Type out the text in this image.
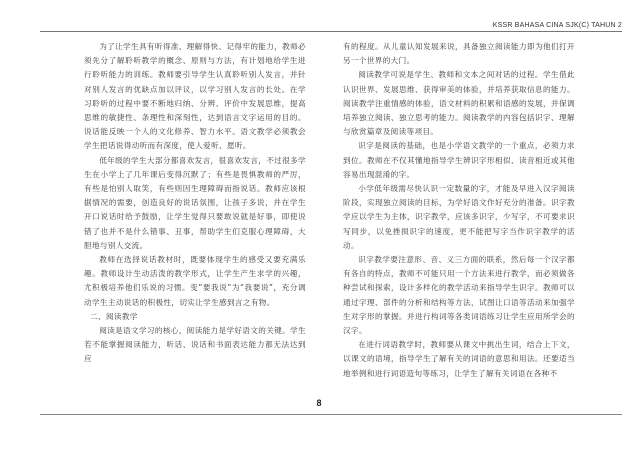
KSSR BAHASA CINA SJK(C) TAHUN 2

为了让学生具有听得准、理解得快、记得牢的能力，教师必须先分了解聆听教学的概念、原则与方法，有计划地给学生进行聆听能力的训练。教师要引导学生认真聆听别人发言，并针对别人发言的优缺点加以评议，以学习别人发言的长处。在学习聆听的过程中要不断地归纳、分辨、评价中发展思维，提高思维的敏捷性、条理性和深刻性，达到语言文字运用的目的。说话能反映一个人的文化修养、智力水平。语文教学必须教会学生把话说得动听而有深度，使人爱听、愿听。

低年级的学生大部分都喜欢发言，很喜欢发言，不过很多学生在小学上了几年课后变得沉默了；有些是畏惧教师的严厉，有些是怕别人取笑，有些则因生理障碍而指说话。教师应该根据情况的需要，创造良好的说话氛围，让孩子多说，并在学生开口说话时给予鼓励，让学生觉得只要敢说就是好事，即使说错了也并不是什么错事、丑事，帮助学生们克服心理障碍，大胆地与别人交流。

教师在选择说话教材时，既要体现学生的感受又要充满乐趣。教师设计生动活泼的教学形式，让学生产生求学的兴趣，尤积极培养他们乐说的习惯。变“要我说”为“我要说”，充分调动学生主动说话的积极性，切实让学生感到言之有物。

二、阅读教学

阅读是语文学习的核心，阅读能力是学好语文的关键。学生若不能掌握阅读能力，听话、说话和书面表达能力都无法达到应

有的程度。从儿童认知发展来说，具备独立阅读能力即为他们打开另一个世界的大门。

阅读教学可说是学生、教师和文本之间对话的过程。学生借此认识世界、发展思维、获得审美的体验，并培养获取信息的能力。阅读教学注重情感的体验，语文材料的积累和语感的发展，并保调培养独立阅读、独立思考的能力。阅读教学的内容包括识字、理解与欣赏篇章及阅读等项目。

识字是阅读的基础，也是小学语文教学的一个重点，必须力求到位。教师在不仅其懂地指导学生辨识字形相似、读音相近或其他容易出现混淆的字。

小学低年级需尽快认识一定数量的字，才能及早进入汉字阅读阶段，实现独立阅读的目标，为学好语文作好充分的准备。识字教学应以学生为主体，识字教学，应该多识字，少写字，不可要求识写同步，以免挫损识字的速度，更不能把写字当作识字教学的活动。

识字教学要注意形、音、义三方面的联系，然后每一个汉字都有各自的特点，教师不可能只用一个方法来进行教学，而必须做各种尝试和探索，设计多样化的教学活动来指导学生识字。教师可以通过字理、部件的分析和结构等方法，试图让口语等活动来加强学生对字形的掌握。并进行构词等各类词语练习让学生应用所学会的汉字。

在进行词语教学时，教师要从课文中挑出生词，结合上下文，以课文的语境，指导学生了解有关的词语的意思和用法。还要适当地举例和进行词语造句等练习，让学生了解有关词语在各种不

8
